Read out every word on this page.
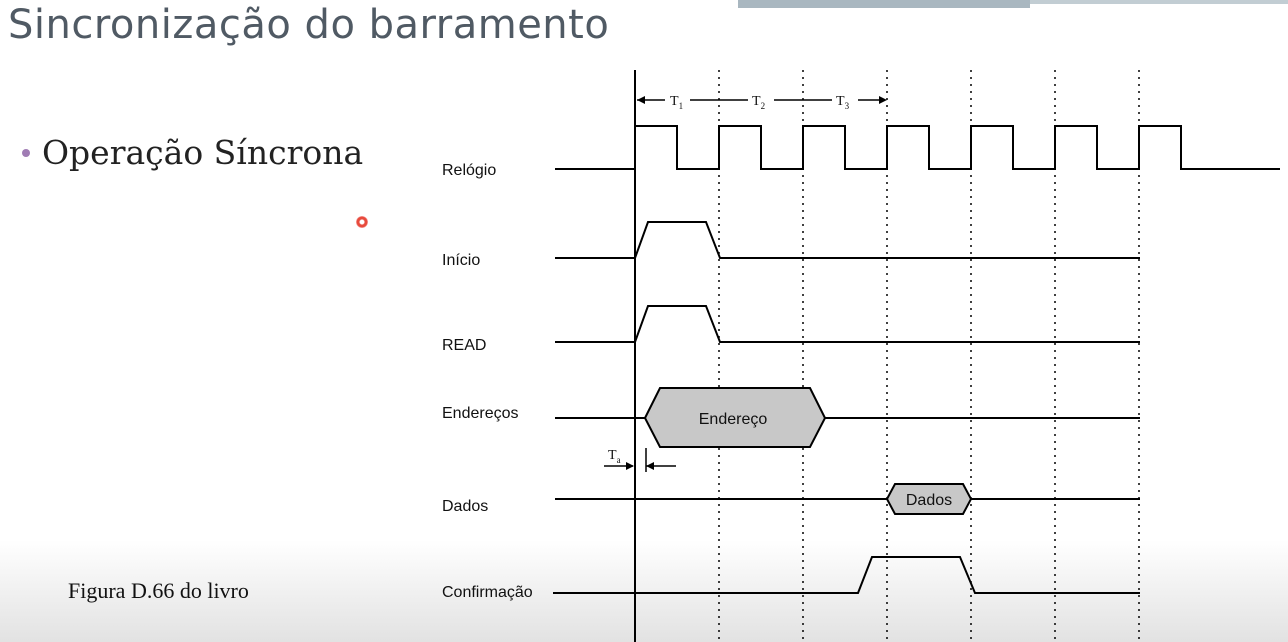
Sincronização do barramento
Operação Síncrona
Figura D.66 do livro
$T_1$	$T_2$	$T_3$
Relógio
Início
READ
Endereços
Dados
Confirmação
Endereço
$T_a$
Dados
